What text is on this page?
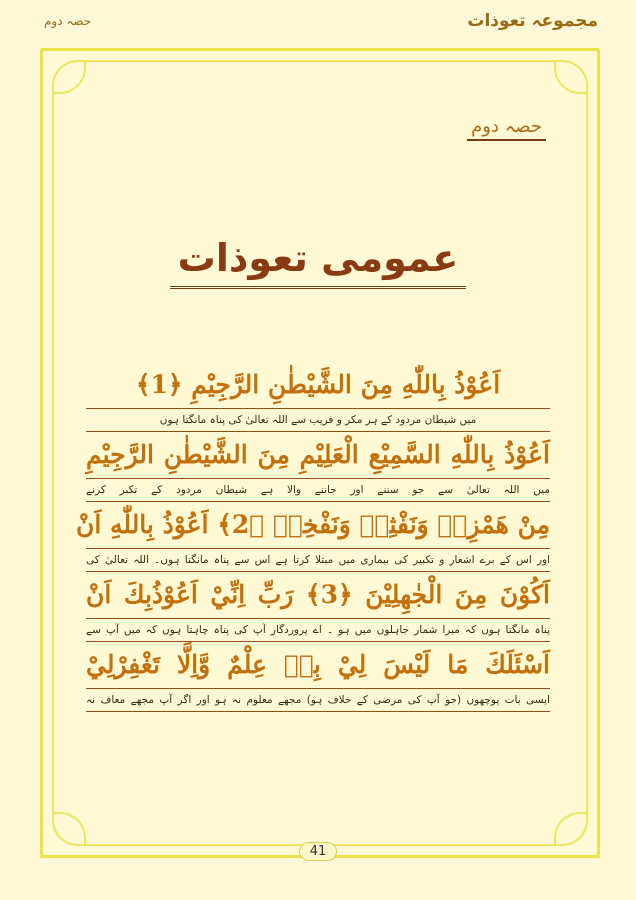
مجموعہ تعوذات
حصہ دوم
حصہ دوم
عمومی تعوذات
اَعُوْذُ بِاللّٰهِ مِنَ الشَّيْطٰنِ الرَّجِيْمِ ﴿1﴾
میں شیطان مردود کے ہر مکر و فریب سے اللہ تعالیٰ کی پناہ مانگتا ہوں
اَعُوْذُ بِاللّٰهِ السَّمِيْعِ الْعَلِيْمِ مِنَ الشَّيْطٰنِ الرَّجِيْمِ
میں اللہ تعالیٰ سے جو سننے اور جاننے والا ہے شیطان مردود کے تکبر کرنے
مِنْ هَمْزِهٖ وَنَفْثِهٖ وَنَفْخِهٖ ﴿2﴾ اَعُوْذُ بِاللّٰهِ اَنْ
اور اس کے برے اشعار و تکبیر کی بیماری میں مبتلا کرتا ہے اس سے پناہ مانگتا ہوں۔ اللہ تعالیٰ کی
اَكُوْنَ مِنَ الْجٰهِلِيْنَ ﴿3﴾ رَبِّ اِنِّيْ اَعُوْذُبِكَ اَنْ
پناہ مانگتا ہوں کہ میرا شمار جاہلوں میں ہو ۔ اے پروردگار آپ کی پناہ چاہتا ہوں کہ میں آپ سے
اَسْئَلَكَ مَا لَيْسَ لِيْ بِهٖ عِلْمٌ وَّاِلَّا تَغْفِرْلِيْ
ایسی بات پوچھوں (جو آپ کی مرضی کے خلاف ہو) مجھے معلوم نہ ہو اور اگر آپ مجھے معاف نہ
41
